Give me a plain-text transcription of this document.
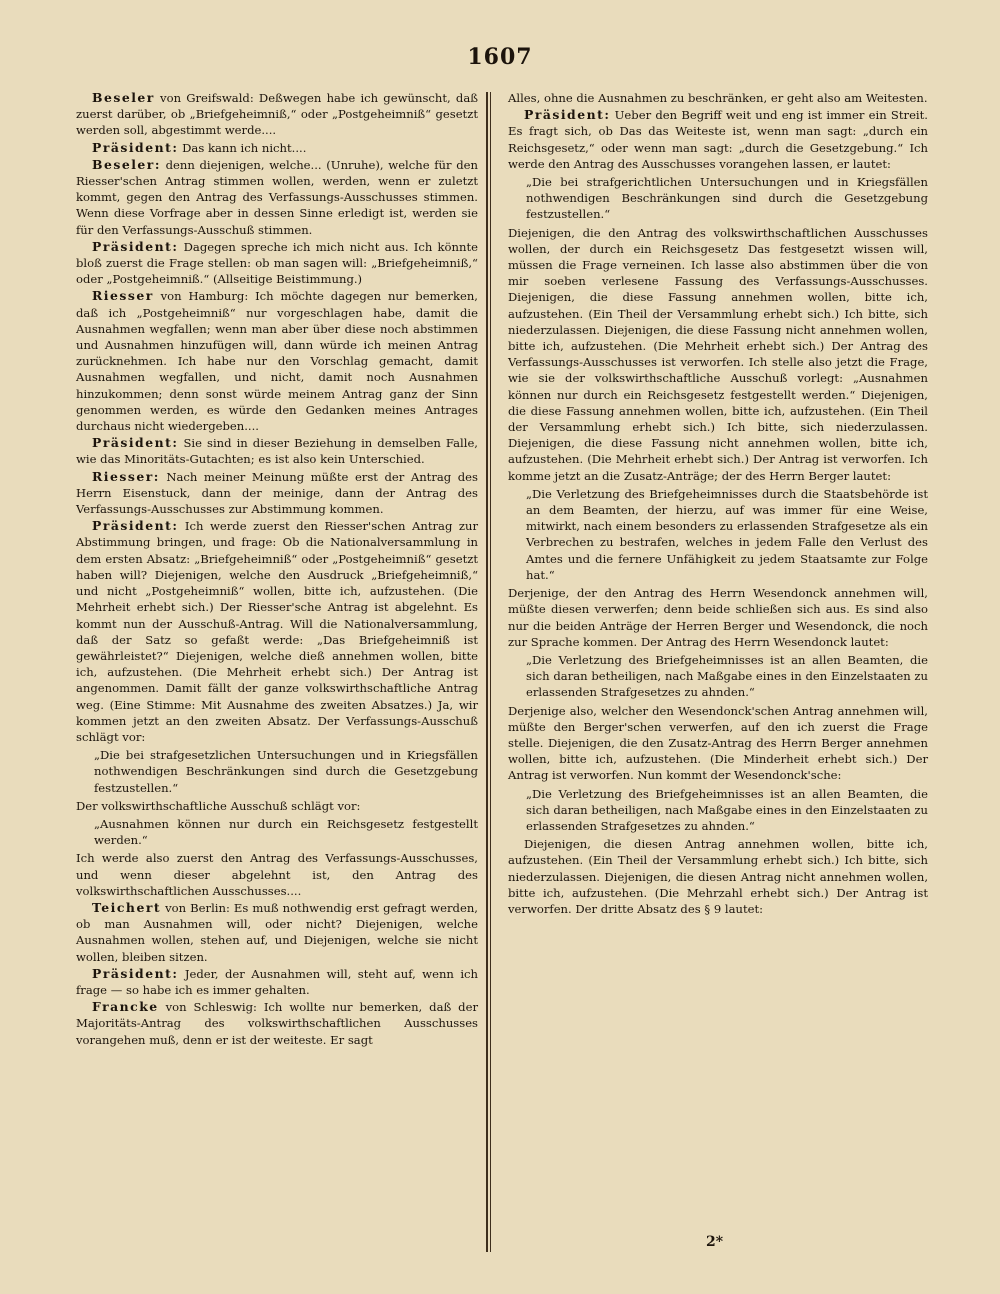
1607

Beseler von Greifswald: Deßwegen habe ich gewünscht, daß zuerst darüber, ob „Briefgeheimniß,“ oder „Postgeheimniß“ gesetzt werden soll, abgestimmt werde....

Präsident: Das kann ich nicht....

Beseler: denn diejenigen, welche... (Unruhe), welche für den Riesser'schen Antrag stimmen wollen, werden, wenn er zuletzt kommt, gegen den Antrag des Verfassungs-Ausschusses stimmen. Wenn diese Vorfrage aber in dessen Sinne erledigt ist, werden sie für den Verfassungs-Ausschuß stimmen.

Präsident: Dagegen spreche ich mich nicht aus. Ich könnte bloß zuerst die Frage stellen: ob man sagen will: „Briefgeheimniß,“ oder „Postgeheimniß.“ (Allseitige Beistimmung.)

Riesser von Hamburg: Ich möchte dagegen nur bemerken, daß ich „Postgeheimniß“ nur vorgeschlagen habe, damit die Ausnahmen wegfallen; wenn man aber über diese noch abstimmen und Ausnahmen hinzufügen will, dann würde ich meinen Antrag zurücknehmen. Ich habe nur den Vorschlag gemacht, damit Ausnahmen wegfallen, und nicht, damit noch Ausnahmen hinzukommen; denn sonst würde meinem Antrag ganz der Sinn genommen werden, es würde den Gedanken meines Antrages durchaus nicht wiedergeben....

Präsident: Sie sind in dieser Beziehung in demselben Falle, wie das Minoritäts-Gutachten; es ist also kein Unterschied.

Riesser: Nach meiner Meinung müßte erst der Antrag des Herrn Eisenstuck, dann der meinige, dann der Antrag des Verfassungs-Ausschusses zur Abstimmung kommen.

Präsident: Ich werde zuerst den Riesser'schen Antrag zur Abstimmung bringen, und frage: Ob die Nationalversammlung in dem ersten Absatz: „Briefgeheimniß“ oder „Postgeheimniß“ gesetzt haben will? Diejenigen, welche den Ausdruck „Briefgeheimniß,“ und nicht „Postgeheimniß“ wollen, bitte ich, aufzustehen. (Die Mehrheit erhebt sich.) Der Riesser'sche Antrag ist abgelehnt. Es kommt nun der Ausschuß-Antrag. Will die Nationalversammlung, daß der Satz so gefaßt werde: „Das Briefgeheimniß ist gewährleistet?“ Diejenigen, welche dieß annehmen wollen, bitte ich, aufzustehen. (Die Mehrheit erhebt sich.) Der Antrag ist angenommen. Damit fällt der ganze volkswirthschaftliche Antrag weg. (Eine Stimme: Mit Ausnahme des zweiten Absatzes.) Ja, wir kommen jetzt an den zweiten Absatz. Der Verfassungs-Ausschuß schlägt vor:

„Die bei strafgesetzlichen Untersuchungen und in Kriegsfällen nothwendigen Beschränkungen sind durch die Gesetzgebung festzustellen.“

Der volkswirthschaftliche Ausschuß schlägt vor:

„Ausnahmen können nur durch ein Reichsgesetz festgestellt werden.“

Ich werde also zuerst den Antrag des Verfassungs-Ausschusses, und wenn dieser abgelehnt ist, den Antrag des volkswirthschaftlichen Ausschusses....

Teichert von Berlin: Es muß nothwendig erst gefragt werden, ob man Ausnahmen will, oder nicht? Diejenigen, welche Ausnahmen wollen, stehen auf, und Diejenigen, welche sie nicht wollen, bleiben sitzen.

Präsident: Jeder, der Ausnahmen will, steht auf, wenn ich frage — so habe ich es immer gehalten.

Francke von Schleswig: Ich wollte nur bemerken, daß der Majoritäts-Antrag des volkswirthschaftlichen Ausschusses vorangehen muß, denn er ist der weiteste. Er sagt

Alles, ohne die Ausnahmen zu beschränken, er geht also am Weitesten.

Präsident: Ueber den Begriff weit und eng ist immer ein Streit. Es fragt sich, ob Das das Weiteste ist, wenn man sagt: „durch ein Reichsgesetz,“ oder wenn man sagt: „durch die Gesetzgebung.“ Ich werde den Antrag des Ausschusses vorangehen lassen, er lautet:

„Die bei strafgerichtlichen Untersuchungen und in Kriegsfällen nothwendigen Beschränkungen sind durch die Gesetzgebung festzustellen.“

Diejenigen, die den Antrag des volkswirthschaftlichen Ausschusses wollen, der durch ein Reichsgesetz Das festgesetzt wissen will, müssen die Frage verneinen. Ich lasse also abstimmen über die von mir soeben verlesene Fassung des Verfassungs-Ausschusses. Diejenigen, die diese Fassung annehmen wollen, bitte ich, aufzustehen. (Ein Theil der Versammlung erhebt sich.) Ich bitte, sich niederzulassen. Diejenigen, die diese Fassung nicht annehmen wollen, bitte ich, aufzustehen. (Die Mehrheit erhebt sich.) Der Antrag des Verfassungs-Ausschusses ist verworfen. Ich stelle also jetzt die Frage, wie sie der volkswirthschaftliche Ausschuß vorlegt: „Ausnahmen können nur durch ein Reichsgesetz festgestellt werden.“ Diejenigen, die diese Fassung annehmen wollen, bitte ich, aufzustehen. (Ein Theil der Versammlung erhebt sich.) Ich bitte, sich niederzulassen. Diejenigen, die diese Fassung nicht annehmen wollen, bitte ich, aufzustehen. (Die Mehrheit erhebt sich.) Der Antrag ist verworfen. Ich komme jetzt an die Zusatz-Anträge; der des Herrn Berger lautet:

„Die Verletzung des Briefgeheimnisses durch die Staatsbehörde ist an dem Beamten, der hierzu, auf was immer für eine Weise, mitwirkt, nach einem besonders zu erlassenden Strafgesetze als ein Verbrechen zu bestrafen, welches in jedem Falle den Verlust des Amtes und die fernere Unfähigkeit zu jedem Staatsamte zur Folge hat.“

Derjenige, der den Antrag des Herrn Wesendonck annehmen will, müßte diesen verwerfen; denn beide schließen sich aus. Es sind also nur die beiden Anträge der Herren Berger und Wesendonck, die noch zur Sprache kommen. Der Antrag des Herrn Wesendonck lautet:

„Die Verletzung des Briefgeheimnisses ist an allen Beamten, die sich daran betheiligen, nach Maßgabe eines in den Einzelstaaten zu erlassenden Strafgesetzes zu ahnden.“

Derjenige also, welcher den Wesendonck'schen Antrag annehmen will, müßte den Berger'schen verwerfen, auf den ich zuerst die Frage stelle. Diejenigen, die den Zusatz-Antrag des Herrn Berger annehmen wollen, bitte ich, aufzustehen. (Die Minderheit erhebt sich.) Der Antrag ist verworfen. Nun kommt der Wesendonck'sche:

„Die Verletzung des Briefgeheimnisses ist an allen Beamten, die sich daran betheiligen, nach Maßgabe eines in den Einzelstaaten zu erlassenden Strafgesetzes zu ahnden.“

Diejenigen, die diesen Antrag annehmen wollen, bitte ich, aufzustehen. (Ein Theil der Versammlung erhebt sich.) Ich bitte, sich niederzulassen. Diejenigen, die diesen Antrag nicht annehmen wollen, bitte ich, aufzustehen. (Die Mehrzahl erhebt sich.) Der Antrag ist verworfen. Der dritte Absatz des § 9 lautet:

2*
